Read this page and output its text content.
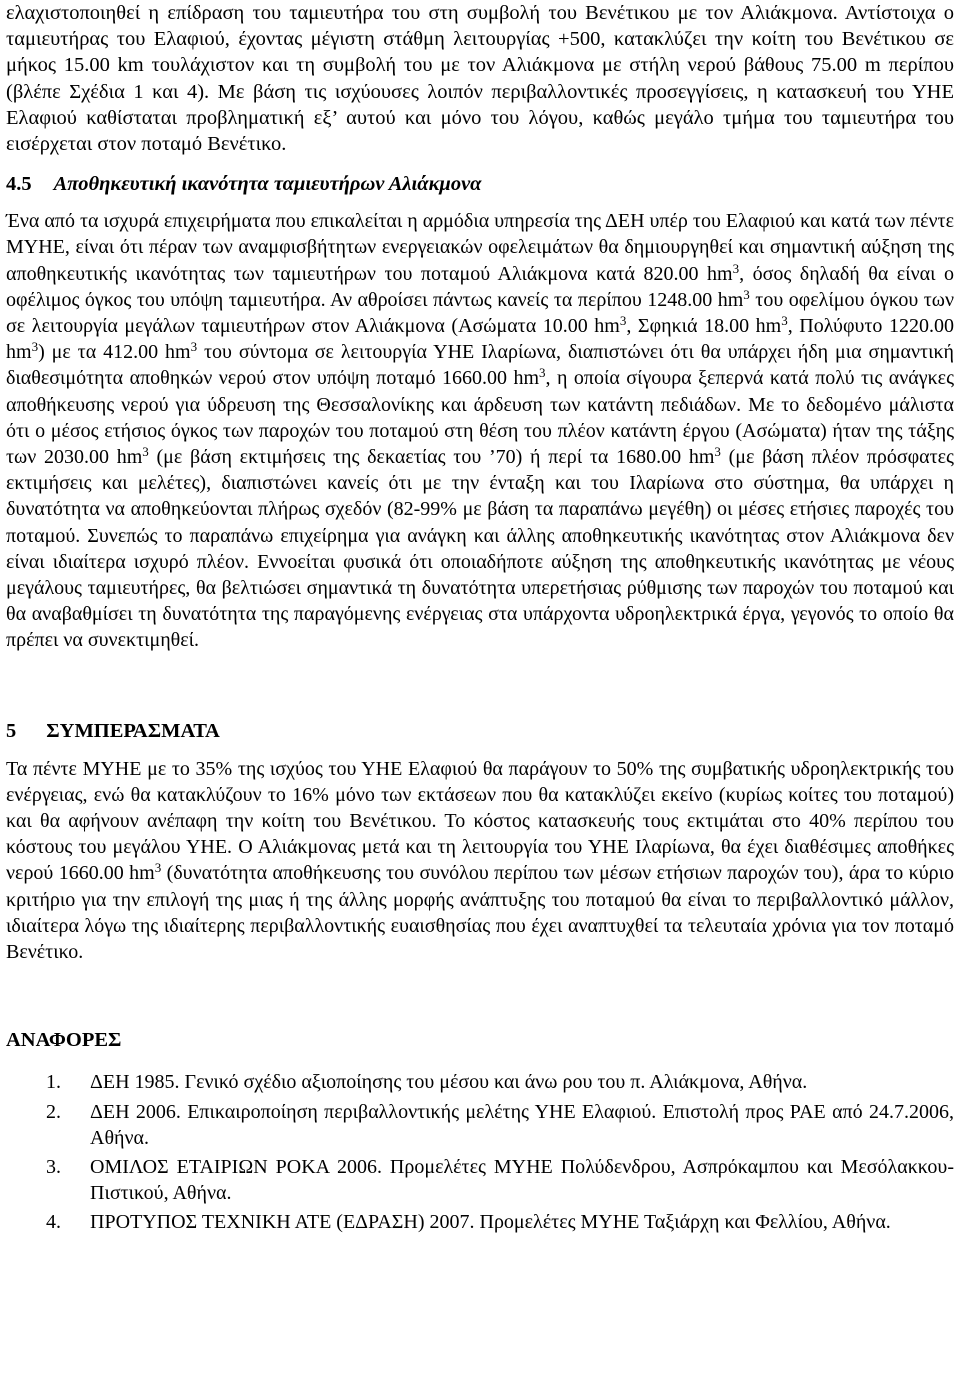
ελαχιστοποιηθεί η επίδραση του ταμιευτήρα του στη συμβολή του Βενέτικου με τον Αλιάκμονα. Αντίστοιχα ο ταμιευτήρας του Ελαφιού, έχοντας μέγιστη στάθμη λειτουργίας +500, κατακλύζει την κοίτη του Βενέτικου σε μήκος 15.00 km τουλάχιστον και τη συμβολή του με τον Αλιάκμονα με στήλη νερού βάθους 75.00 m περίπου (βλέπε Σχέδια 1 και 4). Με βάση τις ισχύουσες λοιπόν περιβαλλοντικές προσεγγίσεις, η κατασκευή του ΥΗΕ Ελαφιού καθίσταται προβληματική εξ’ αυτού και μόνο του λόγου, καθώς μεγάλο τμήμα του ταμιευτήρα του εισέρχεται στον ποταμό Βενέτικο.

4.5 Αποθηκευτική ικανότητα ταμιευτήρων Αλιάκμονα

Ένα από τα ισχυρά επιχειρήματα που επικαλείται η αρμόδια υπηρεσία της ΔΕΗ υπέρ του Ελαφιού και κατά των πέντε ΜΥΗΕ, είναι ότι πέραν των αναμφισβήτητων ενεργειακών οφελειμάτων θα δημιουργηθεί και σημαντική αύξηση της αποθηκευτικής ικανότητας των ταμιευτήρων του ποταμού Αλιάκμονα κατά 820.00 $hm^3$, όσος δηλαδή θα είναι ο οφέλιμος όγκος του υπόψη ταμιευτήρα. Αν αθροίσει πάντως κανείς τα περίπου 1248.00 $hm^3$ του οφελίμου όγκου των σε λειτουργία μεγάλων ταμιευτήρων στον Αλιάκμονα (Ασώματα 10.00 $hm^3$, Σφηκιά 18.00 $hm^3$, Πολύφυτο 1220.00 $hm^3$) με τα 412.00 $hm^3$ του σύντομα σε λειτουργία ΥΗΕ Ιλαρίωνα, διαπιστώνει ότι θα υπάρχει ήδη μια σημαντική διαθεσιμότητα αποθηκών νερού στον υπόψη ποταμό 1660.00 $hm^3$, η οποία σίγουρα ξεπερνά κατά πολύ τις ανάγκες αποθήκευσης νερού για ύδρευση της Θεσσαλονίκης και άρδευση των κατάντη πεδιάδων. Με το δεδομένο μάλιστα ότι ο μέσος ετήσιος όγκος των παροχών του ποταμού στη θέση του πλέον κατάντη έργου (Ασώματα) ήταν της τάξης των 2030.00 $hm^3$ (με βάση εκτιμήσεις της δεκαετίας του ’70) ή περί τα 1680.00 $hm^3$ (με βάση πλέον πρόσφατες εκτιμήσεις και μελέτες), διαπιστώνει κανείς ότι με την ένταξη και του Ιλαρίωνα στο σύστημα, θα υπάρχει η δυνατότητα να αποθηκεύονται πλήρως σχεδόν (82-99% με βάση τα παραπάνω μεγέθη) οι μέσες ετήσιες παροχές του ποταμού. Συνεπώς το παραπάνω επιχείρημα για ανάγκη και άλλης αποθηκευτικής ικανότητας στον Αλιάκμονα δεν είναι ιδιαίτερα ισχυρό πλέον. Εννοείται φυσικά ότι οποιαδήποτε αύξηση της αποθηκευτικής ικανότητας με νέους μεγάλους ταμιευτήρες, θα βελτιώσει σημαντικά τη δυνατότητα υπερετήσιας ρύθμισης των παροχών του ποταμού και θα αναβαθμίσει τη δυνατότητα της παραγόμενης ενέργειας στα υπάρχοντα υδροηλεκτρικά έργα, γεγονός το οποίο θα πρέπει να συνεκτιμηθεί.

5 ΣΥΜΠΕΡΑΣΜΑΤΑ

Τα πέντε ΜΥΗΕ με το 35% της ισχύος του ΥΗΕ Ελαφιού θα παράγουν το 50% της συμβατικής υδροηλεκτρικής του ενέργειας, ενώ θα κατακλύζουν το 16% μόνο των εκτάσεων που θα κατακλύζει εκείνο (κυρίως κοίτες του ποταμού) και θα αφήνουν ανέπαφη την κοίτη του Βενέτικου. Το κόστος κατασκευής τους εκτιμάται στο 40% περίπου του κόστους του μεγάλου ΥΗΕ. Ο Αλιάκμονας μετά και τη λειτουργία του ΥΗΕ Ιλαρίωνα, θα έχει διαθέσιμες αποθήκες νερού 1660.00 $hm^3$ (δυνατότητα αποθήκευσης του συνόλου περίπου των μέσων ετήσιων παροχών του), άρα το κύριο κριτήριο για την επιλογή της μιας ή της άλλης μορφής ανάπτυξης του ποταμού θα είναι το περιβαλλοντικό μάλλον, ιδιαίτερα λόγω της ιδιαίτερης περιβαλλοντικής ευαισθησίας που έχει αναπτυχθεί τα τελευταία χρόνια για τον ποταμό Βενέτικο.

ΑΝΑΦΟΡΕΣ
1.	ΔΕΗ 1985. Γενικό σχέδιο αξιοποίησης του μέσου και άνω ρου του π. Αλιάκμονα, Αθήνα.
2.	ΔΕΗ 2006. Επικαιροποίηση περιβαλλοντικής μελέτης ΥΗΕ Ελαφιού. Επιστολή προς ΡΑΕ από 24.7.2006, Αθήνα.
3.	ΟΜΙΛΟΣ ΕΤΑΙΡΙΩΝ ΡΟΚΑ 2006. Προμελέτες ΜΥΗΕ Πολύδενδρου, Ασπρόκαμπου και Μεσόλακκου-Πιστικού, Αθήνα.
4.	ΠΡΟΤΥΠΟΣ ΤΕΧΝΙΚΗ ΑΤΕ (ΕΔΡΑΣΗ) 2007. Προμελέτες ΜΥΗΕ Ταξιάρχη και Φελλίου, Αθήνα.
